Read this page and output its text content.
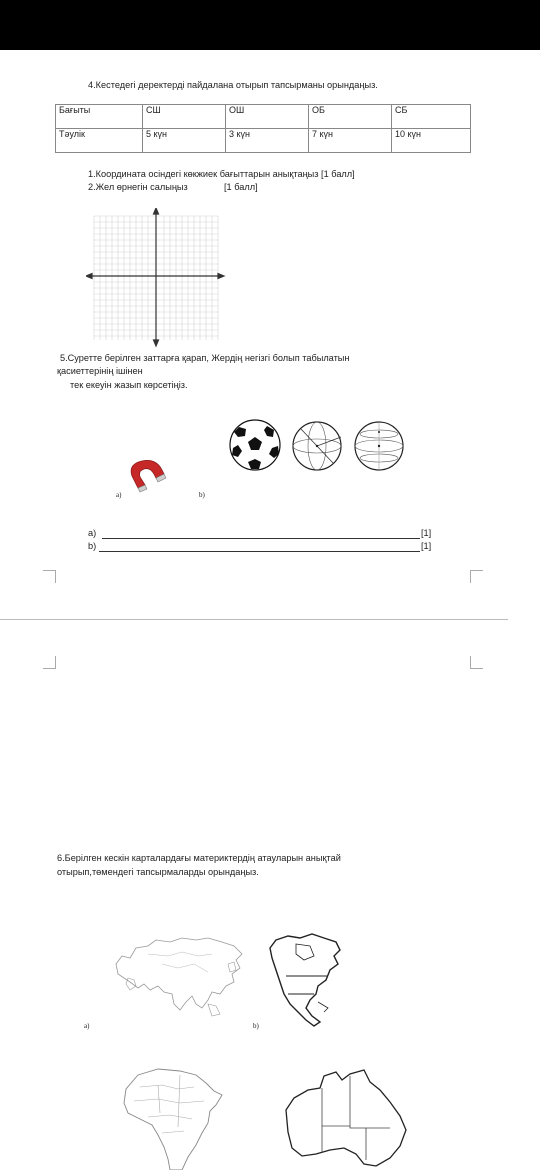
4.Кестедегі деректерді пайдалана отырып тапсырманы орындаңыз.
Бағыты	СШ	ОШ	ОБ	СБ
Тәулік	5 күн	3 күн	7 күн	10 күн
1.Координата осіндегі көкжиек бағыттарын анықтаңыз [1 балл]
2.Жел өрнегін салыңыз	[1 балл]
5.Суретте берілген заттарға қарап, Жердің негізгі болып табылатын
қасиеттерінің ішінен
тек екеуін жазып көрсетіңіз.
a)	b)
a)	[1]
b)	[1]
6.Берілген кескін карталардағы материктердің атауларын анықтай
отырып,төмендегі тапсырмаларды орындаңыз.
a)	b)
